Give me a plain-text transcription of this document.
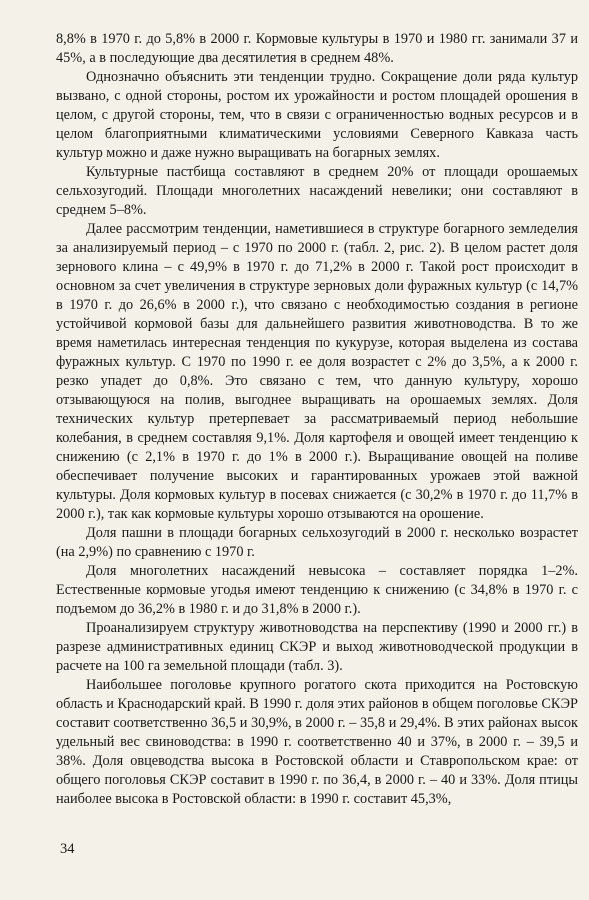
8,8% в 1970 г. до 5,8% в 2000 г. Кормовые культуры в 1970 и 1980 гг. занимали 37 и 45%, а в последующие два десятилетия в среднем 48%.

Однозначно объяснить эти тенденции трудно. Сокращение доли ряда культур вызвано, с одной стороны, ростом их урожайности и ростом площадей орошения в целом, с другой стороны, тем, что в связи с ограниченностью водных ресурсов и в целом благоприятными климатическими условиями Северного Кавказа часть культур можно и даже нужно выращивать на богарных землях.

Культурные пастбища составляют в среднем 20% от площади орошаемых сельхозугодий. Площади многолетних насаждений невелики; они составляют в среднем 5–8%.

Далее рассмотрим тенденции, наметившиеся в структуре богарного земледелия за анализируемый период – с 1970 по 2000 г. (табл. 2, рис. 2). В целом растет доля зернового клина – с 49,9% в 1970 г. до 71,2% в 2000 г. Такой рост происходит в основном за счет увеличения в структуре зерновых доли фуражных культур (с 14,7% в 1970 г. до 26,6% в 2000 г.), что связано с необходимостью создания в регионе устойчивой кормовой базы для дальнейшего развития животноводства. В то же время наметилась интересная тенденция по кукурузе, которая выделена из состава фуражных культур. С 1970 по 1990 г. ее доля возрастет с 2% до 3,5%, а к 2000 г. резко упадет до 0,8%. Это связано с тем, что данную культуру, хорошо отзывающуюся на полив, выгоднее выращивать на орошаемых землях. Доля технических культур претерпевает за рассматриваемый период небольшие колебания, в среднем составляя 9,1%. Доля картофеля и овощей имеет тенденцию к снижению (с 2,1% в 1970 г. до 1% в 2000 г.). Выращивание овощей на поливе обеспечивает получение высоких и гарантированных урожаев этой важной культуры. Доля кормовых культур в посевах снижается (с 30,2% в 1970 г. до 11,7% в 2000 г.), так как кормовые культуры хорошо отзываются на орошение.

Доля пашни в площади богарных сельхозугодий в 2000 г. несколько возрастет (на 2,9%) по сравнению с 1970 г.

Доля многолетних насаждений невысока – составляет порядка 1–2%. Естественные кормовые угодья имеют тенденцию к снижению (с 34,8% в 1970 г. с подъемом до 36,2% в 1980 г. и до 31,8% в 2000 г.).

Проанализируем структуру животноводства на перспективу (1990 и 2000 гг.) в разрезе административных единиц СКЭР и выход животноводческой продукции в расчете на 100 га земельной площади (табл. 3).

Наибольшее поголовье крупного рогатого скота приходится на Ростовскую область и Краснодарский край. В 1990 г. доля этих районов в общем поголовье СКЭР составит соответственно 36,5 и 30,9%, в 2000 г. – 35,8 и 29,4%. В этих районах высок удельный вес свиноводства: в 1990 г. соответственно 40 и 37%, в 2000 г. – 39,5 и 38%. Доля овцеводства высока в Ростовской области и Ставропольском крае: от общего поголовья СКЭР составит в 1990 г. по 36,4, в 2000 г. – 40 и 33%. Доля птицы наиболее высока в Ростовской области: в 1990 г. составит 45,3%,

34
